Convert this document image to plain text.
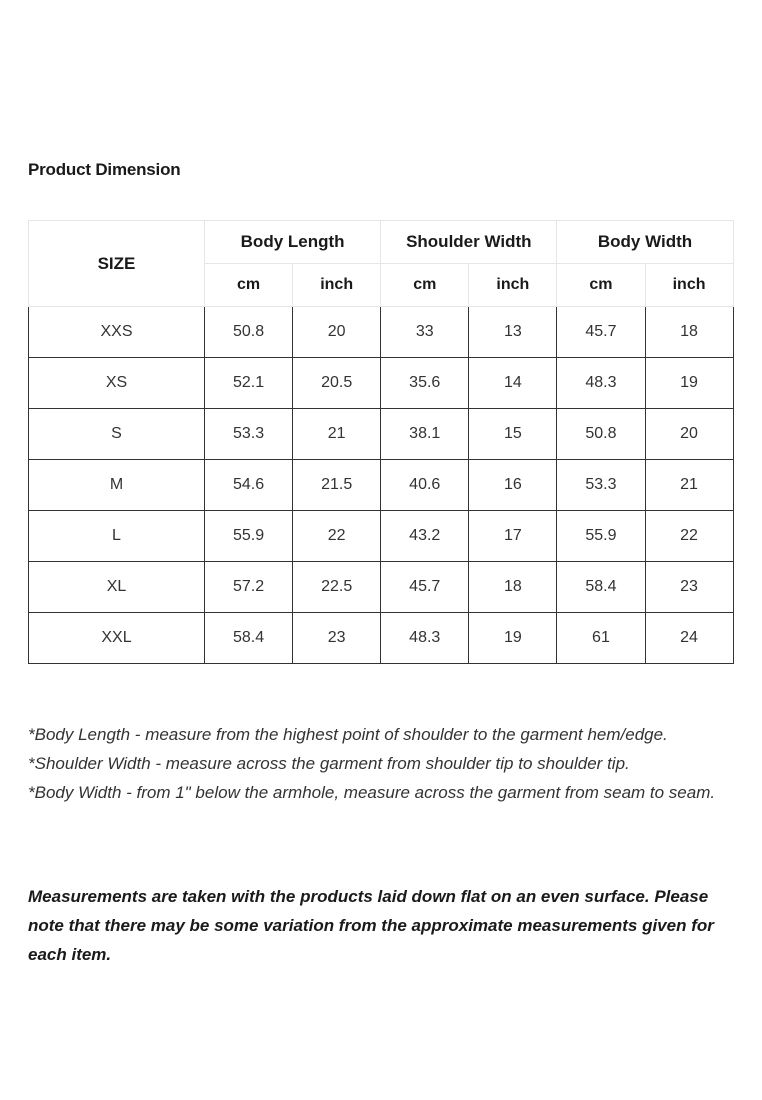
Product Dimension
SIZE	Body Length		Shoulder Width		Body Width	
	cm	inch	cm	inch	cm	inch
XXS	50.8	20	33	13	45.7	18
XS	52.1	20.5	35.6	14	48.3	19
S	53.3	21	38.1	15	50.8	20
M	54.6	21.5	40.6	16	53.3	21
L	55.9	22	43.2	17	55.9	22
XL	57.2	22.5	45.7	18	58.4	23
XXL	58.4	23	48.3	19	61	24

*Body Length - measure from the highest point of shoulder to the garment hem/edge.

*Shoulder Width - measure across the garment from shoulder tip to shoulder tip.

*Body Width - from 1" below the armhole, measure across the garment from seam to seam.

Measurements are taken with the products laid down flat on an even surface. Please note that there may be some variation from the approximate measurements given for each item.
